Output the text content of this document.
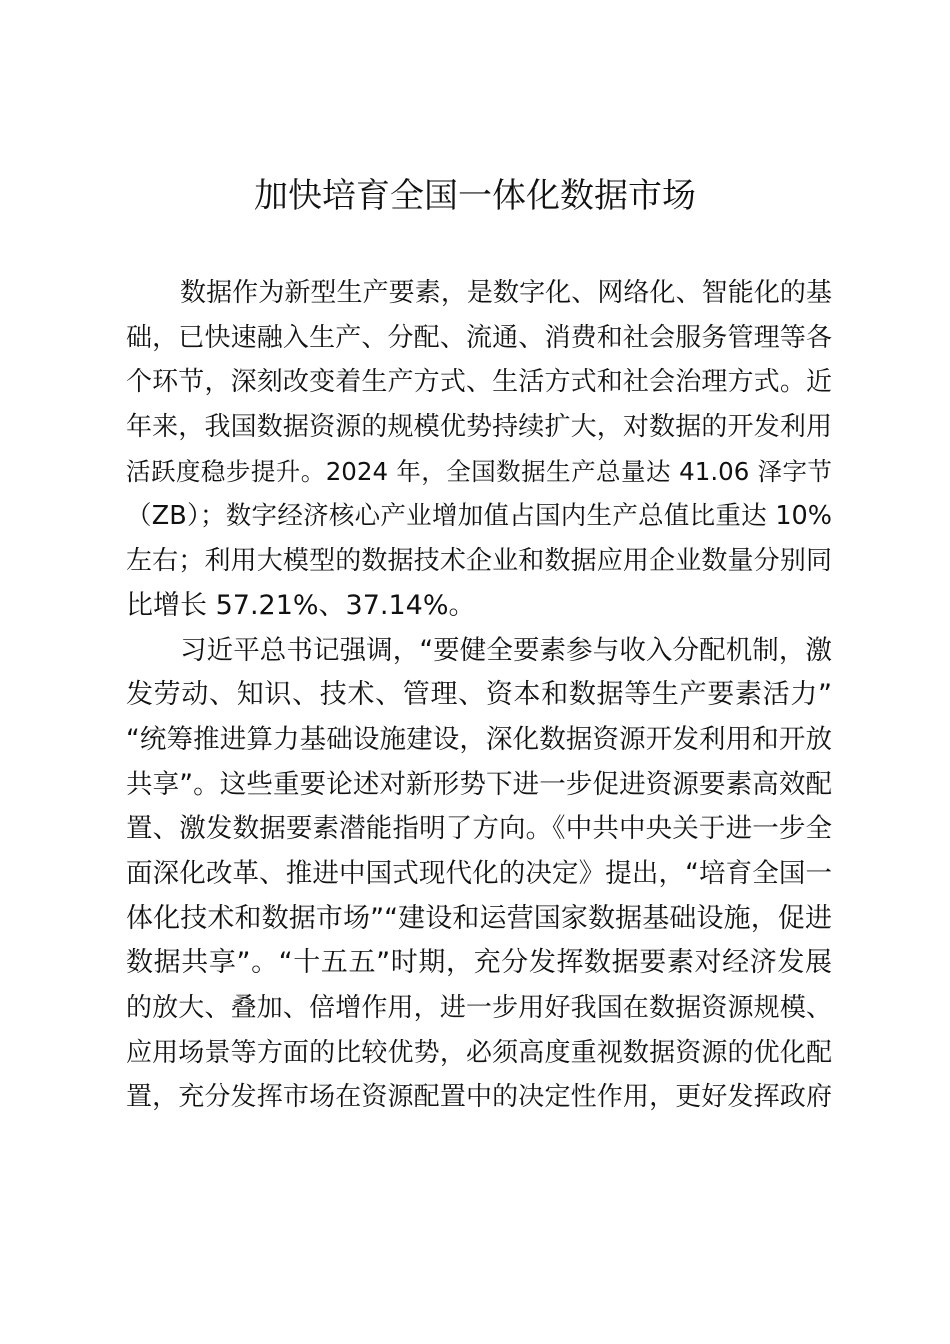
加快培育全国一体化数据市场
数据作为新型生产要素，是数字化、网络化、智能化的基
础，已快速融入生产、分配、流通、消费和社会服务管理等各
个环节，深刻改变着生产方式、生活方式和社会治理方式。近
年来，我国数据资源的规模优势持续扩大，对数据的开发利用
活跃度稳步提升。2024 年，全国数据生产总量达 41.06 泽字节
（ZB）；数字经济核心产业增加值占国内生产总值比重达 10%
左右；利用大模型的数据技术企业和数据应用企业数量分别同
比增长 57.21%、37.14%。
习近平总书记强调，“要健全要素参与收入分配机制，激
发劳动、知识、技术、管理、资本和数据等生产要素活力”
“统筹推进算力基础设施建设，深化数据资源开发利用和开放
共享”。这些重要论述对新形势下进一步促进资源要素高效配
置、激发数据要素潜能指明了方向。《中共中央关于进一步全
面深化改革、推进中国式现代化的决定》提出，“培育全国一
体化技术和数据市场”“建设和运营国家数据基础设施，促进
数据共享”。“十五五”时期，充分发挥数据要素对经济发展
的放大、叠加、倍增作用，进一步用好我国在数据资源规模、
应用场景等方面的比较优势，必须高度重视数据资源的优化配
置，充分发挥市场在资源配置中的决定性作用，更好发挥政府
